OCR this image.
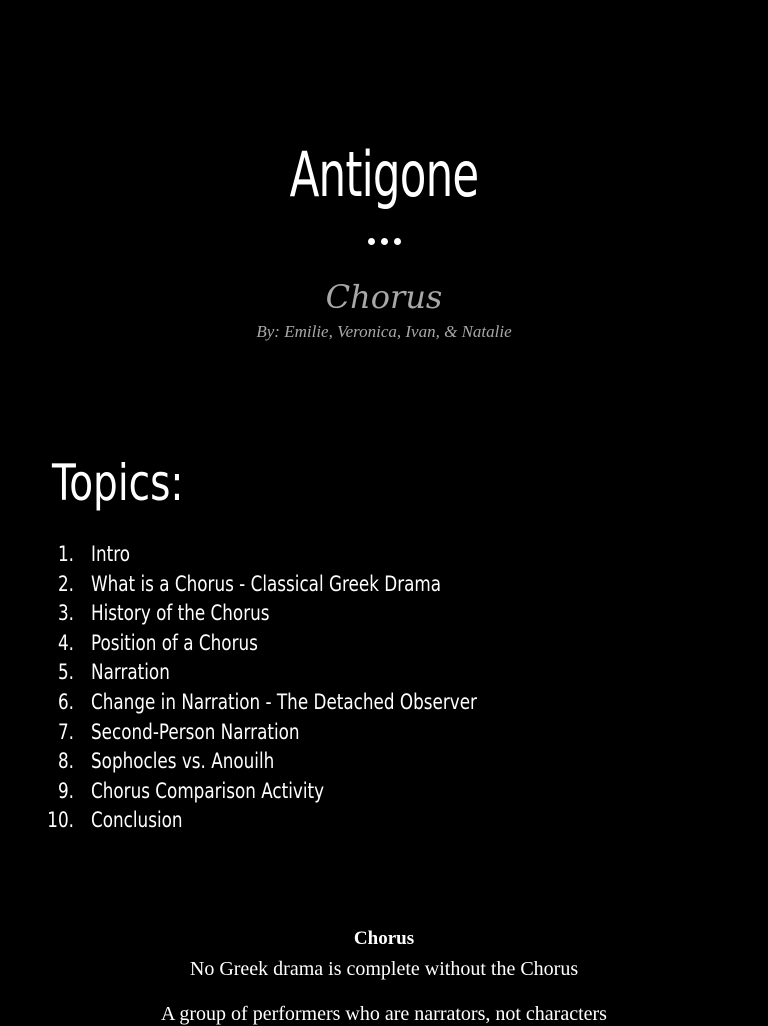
Antigone
Chorus
By: Emilie, Veronica, Ivan, & Natalie
Topics:
1. Intro
2. What is a Chorus - Classical Greek Drama
3. History of the Chorus
4. Position of a Chorus
5. Narration
6. Change in Narration - The Detached Observer
7. Second-Person Narration
8. Sophocles vs. Anouilh
9. Chorus Comparison Activity
10. Conclusion
Chorus
No Greek drama is complete without the Chorus
A group of performers who are narrators, not characters
